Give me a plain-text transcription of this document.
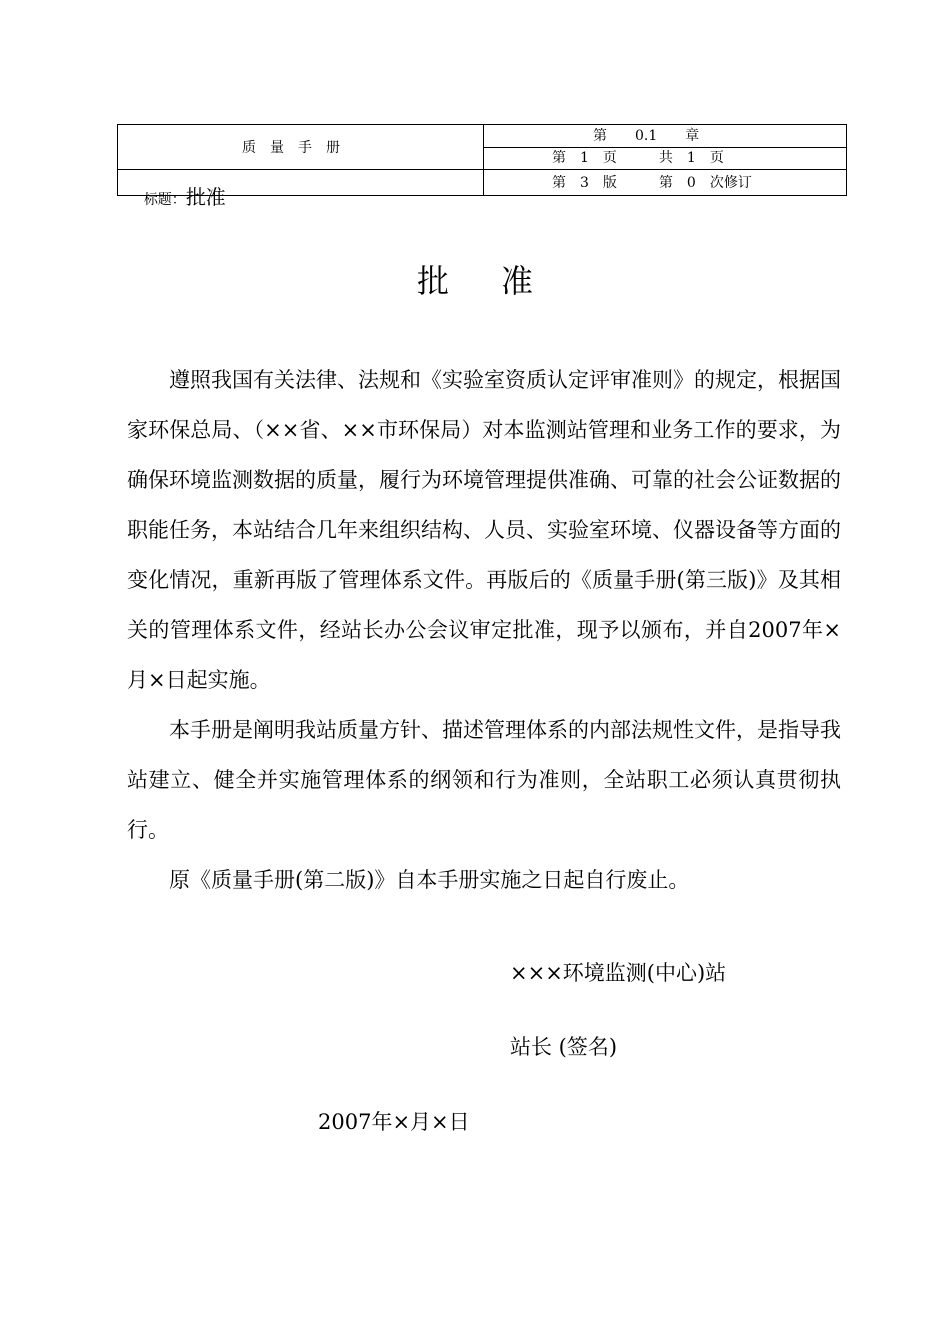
质　量　手　册
第　　0.1　　章
第　1　页　　　共　1　页

标题：批准

第　3　版　　　第　0　次修订
批准

遵照我国有关法律、法规和《实验室资质认定评审准则》的规定，根据国家环保总局、（××省、××市环保局）对本监测站管理和业务工作的要求，为确保环境监测数据的质量，履行为环境管理提供准确、可靠的社会公证数据的职能任务，本站结合几年来组织结构、人员、实验室环境、仪器设备等方面的变化情况，重新再版了管理体系文件。再版后的《质量手册(第三版)》及其相关的管理体系文件，经站长办公会议审定批准，现予以颁布，并自2007年×月×日起实施。

本手册是阐明我站质量方针、描述管理体系的内部法规性文件，是指导我站建立、健全并实施管理体系的纲领和行为准则，全站职工必须认真贯彻执行。

原《质量手册(第二版)》自本手册实施之日起自行废止。

×××环境监测(中心)站
站长 (签名)
2007年×月×日
